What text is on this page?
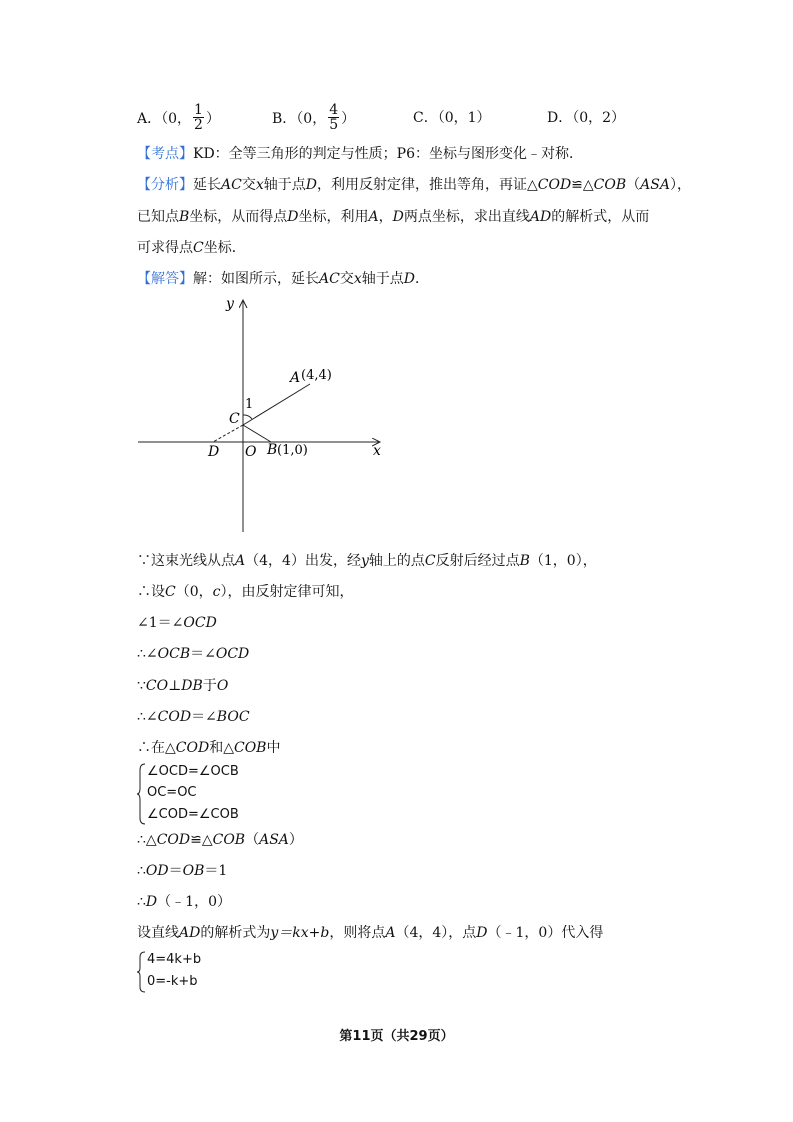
A．（0， $\frac{1}{2}$ ）	B．（0， $\frac{4}{5}$ ）	C．（0，1）	D．（0，2）
【考点】KD：全等三角形的判定与性质；P6：坐标与图形变化﹣对称．
【分析】延长AC交x轴于点D，利用反射定律，推出等角，再证△COD≌△COB（ASA），
已知点B坐标，从而得点D坐标，利用A，D两点坐标，求出直线AD的解析式，从而
可求得点C坐标．
【解答】解：如图所示，延长AC交x轴于点D．
y
x
A (4,4)
1
C
D O B (1,0)
∵这束光线从点A（4，4）出发，经y轴上的点C反射后经过点B（1，0），
∴设C（0，c），由反射定律可知，
∠1＝∠OCD
∴∠OCB＝∠OCD
∵CO⊥DB于O
∴∠COD＝∠BOC
∴在△COD和△COB中
∠OCD=∠OCB
OC=OC
∠COD=∠COB
∴△COD≌△COB（ASA）
∴OD＝OB＝1
∴D（﹣1，0）
设直线AD的解析式为y＝kx+b，则将点A（4，4），点D（﹣1，0）代入得
4=4k+b
0=-k+b
第11页（共29页）
